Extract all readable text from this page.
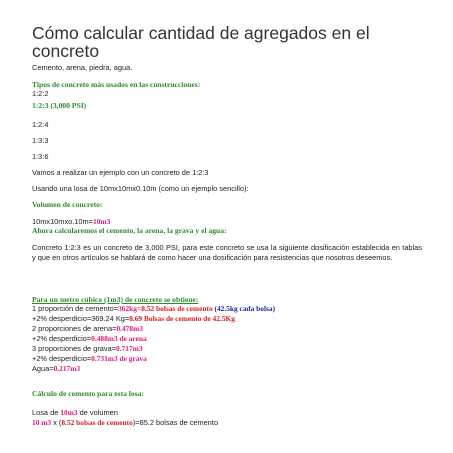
Cómo calcular cantidad de agregados en el
concreto
Cemento, arena, piedra, agua.
Tipos de concreto más usados en las construcciones:
1:2:2
1:2:3 (3,000 PSI)
1:2:4
1:3:3
1:3:6
Vamos a realizar un ejemplo con un concreto de 1:2:3
Usando una losa de 10mx10mx0.10m (como un ejemplo sencillo):
Volumen de concreto:
10mx10mxo.10m=10m3
Ahora calcularemos el cemento, la arena, la grava y el agua:
Concreto 1:2:3 es un concreto de 3,000 PSI, para este concreto se usa la siguiente dosificación establecida en tablas y que en otros artículos se hablará de como hacer una dosificación para resistencias que nosotros deseemos.
Para un metro cúbico (1m3) de concreto se obtiene:
1 proporción de cemento=362kg=8.52 bolsas de cemento (42.5kg cada bolsa)
+2% desperdicio=369.24 Kg=8.69 Bolsas de cemento de 42.5Kg
2 proporciones de arena=0.478m3
+2% desperdicio=0.488m3 de arena
3 proporciones de grava=0.717m3
+2% desperdicio=0.731m3 de grava
Agua=0.217m3
Cálculo de cemento para esta losa:
Losa de 10m3 de volumen
10 m3 x (8.52 bolsas de cemento)=85.2 bolsas de cemento
